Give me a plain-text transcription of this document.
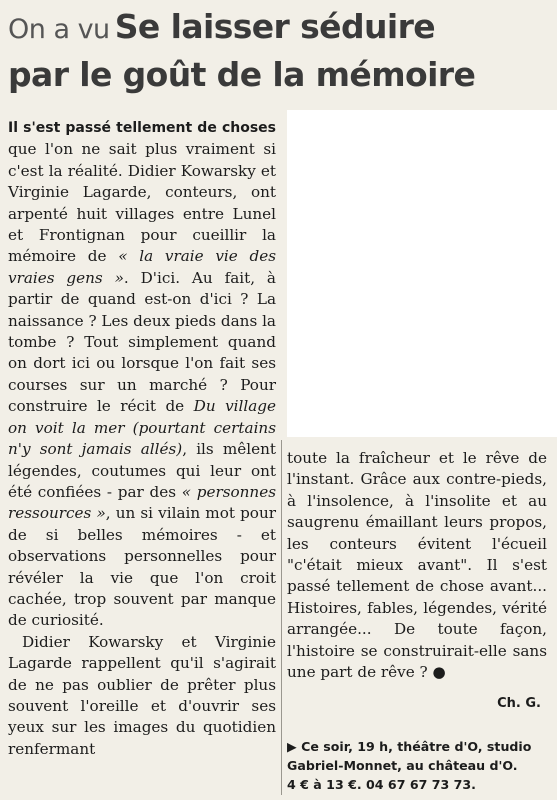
On a vu Se laisser séduire
par le goût de la mémoire

Il s'est passé tellement de choses que l'on ne sait plus vraiment si c'est la réalité. Didier Kowarsky et Virginie Lagarde, conteurs, ont arpenté huit villages entre Lunel et Frontignan pour cueillir la mémoire de « la vraie vie des vraies gens ». D'ici. Au fait, à partir de quand est-on d'ici ? La naissance ? Les deux pieds dans la tombe ? Tout simplement quand on dort ici ou lorsque l'on fait ses courses sur un marché ? Pour construire le récit de Du village on voit la mer (pourtant certains n'y sont jamais allés), ils mêlent légendes, coutumes qui leur ont été confiées - par des « personnes ressources », un si vilain mot pour de si belles mémoires - et observations personnelles pour révéler la vie que l'on croit cachée, trop souvent par manque de curiosité.

Didier Kowarsky et Virginie Lagarde rappellent qu'il s'agirait de ne pas oublier de prêter plus souvent l'oreille et d'ouvrir ses yeux sur les images du quotidien renfermant

toute la fraîcheur et le rêve de l'instant. Grâce aux contre-pieds, à l'insolence, à l'insolite et au saugrenu émaillant leurs propos, les conteurs évitent l'écueil "c'était mieux avant". Il s'est passé tellement de chose avant... Histoires, fables, légendes, vérité arrangée... De toute façon, l'histoire se construirait-elle sans une part de rêve ? ●

Ch. G.

▶ Ce soir, 19 h, théâtre d'O, studio
Gabriel-Monnet, au château d'O.
4 € à 13 €. 04 67 67 73 73.
